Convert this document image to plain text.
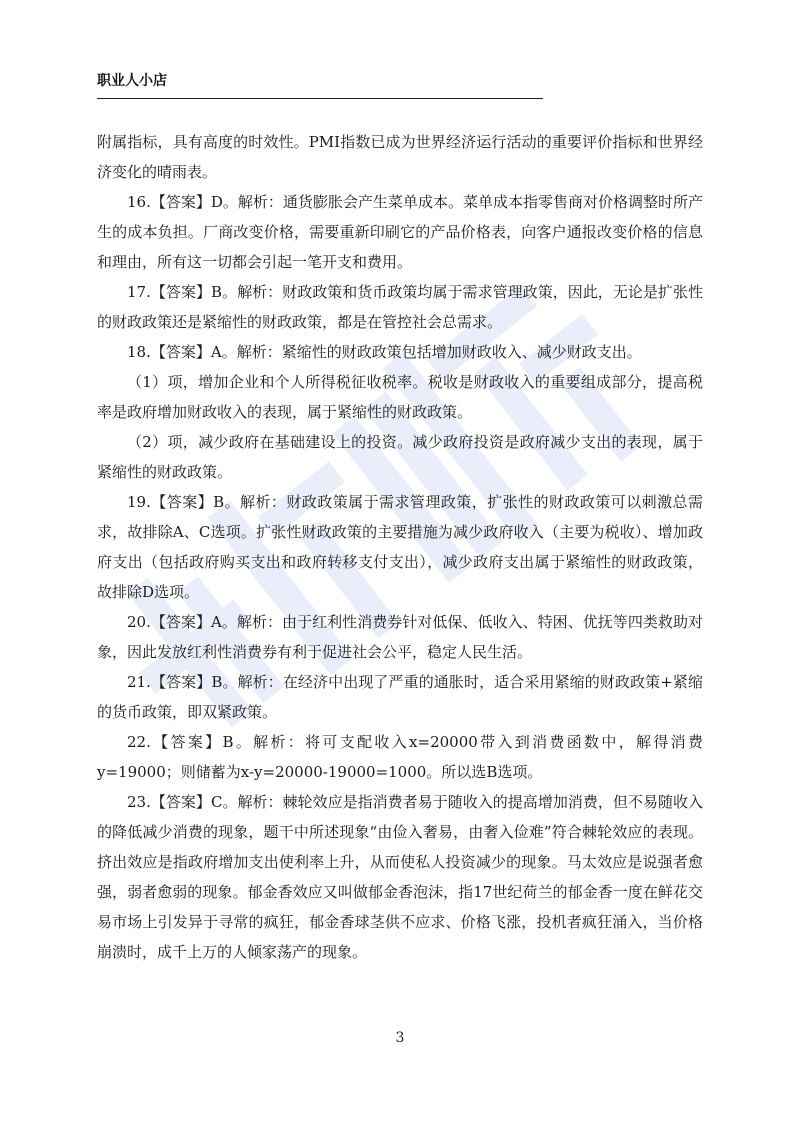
职业人小店

附属指标，具有高度的时效性。PMI指数已成为世界经济运行活动的重要评价指标和世界经济变化的晴雨表。

16.【答案】D。解析：通货膨胀会产生菜单成本。菜单成本指零售商对价格调整时所产生的成本负担。厂商改变价格，需要重新印刷它的产品价格表，向客户通报改变价格的信息和理由，所有这一切都会引起一笔开支和费用。

17.【答案】B。解析：财政政策和货币政策均属于需求管理政策，因此，无论是扩张性的财政政策还是紧缩性的财政政策，都是在管控社会总需求。

18.【答案】A。解析：紧缩性的财政政策包括增加财政收入、减少财政支出。

（1）项，增加企业和个人所得税征收税率。税收是财政收入的重要组成部分，提高税率是政府增加财政收入的表现，属于紧缩性的财政政策。

（2）项，减少政府在基础建设上的投资。减少政府投资是政府减少支出的表现，属于紧缩性的财政政策。

19.【答案】B。解析：财政政策属于需求管理政策，扩张性的财政政策可以刺激总需求，故排除A、C选项。扩张性财政政策的主要措施为减少政府收入（主要为税收）、增加政府支出（包括政府购买支出和政府转移支付支出），减少政府支出属于紧缩性的财政政策，故排除D选项。

20.【答案】A。解析：由于红利性消费券针对低保、低收入、特困、优抚等四类救助对象，因此发放红利性消费券有利于促进社会公平，稳定人民生活。

21.【答案】B。解析：在经济中出现了严重的通胀时，适合采用紧缩的财政政策+紧缩的货币政策，即双紧政策。

22.【答案】B。解析：将可支配收入x=20000带入到消费函数中，解得消费y=19000；则储蓄为x-y=20000-19000=1000。所以选B选项。

23.【答案】C。解析：棘轮效应是指消费者易于随收入的提高增加消费，但不易随收入的降低减少消费的现象，题干中所述现象“由俭入奢易，由奢入俭难”符合棘轮效应的表现。挤出效应是指政府增加支出使利率上升，从而使私人投资减少的现象。马太效应是说强者愈强，弱者愈弱的现象。郁金香效应又叫做郁金香泡沫，指17世纪荷兰的郁金香一度在鲜花交易市场上引发异于寻常的疯狂，郁金香球茎供不应求、价格飞涨，投机者疯狂涌入，当价格崩溃时，成千上万的人倾家荡产的现象。

3
